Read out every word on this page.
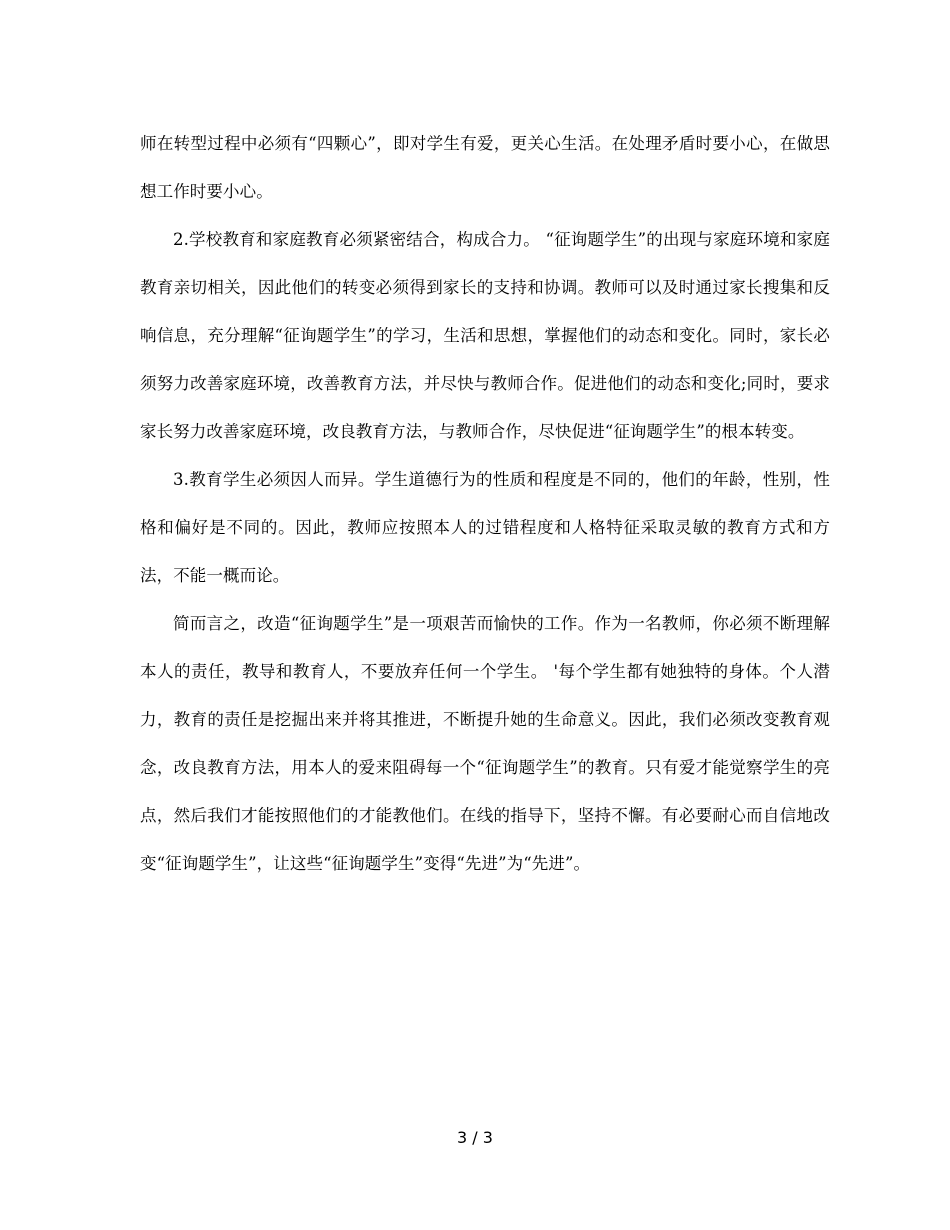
师在转型过程中必须有“四颗心”，即对学生有爱，更关心生活。在处理矛盾时要小心，在做思想工作时要小心。

2.学校教育和家庭教育必须紧密结合，构成合力。 “征询题学生”的出现与家庭环境和家庭教育亲切相关，因此他们的转变必须得到家长的支持和协调。教师可以及时通过家长搜集和反响信息，充分理解“征询题学生”的学习，生活和思想，掌握他们的动态和变化。同时，家长必须努力改善家庭环境，改善教育方法，并尽快与教师合作。促进他们的动态和变化;同时，要求家长努力改善家庭环境，改良教育方法，与教师合作，尽快促进“征询题学生”的根本转变。

3.教育学生必须因人而异。学生道德行为的性质和程度是不同的，他们的年龄，性别，性格和偏好是不同的。因此，教师应按照本人的过错程度和人格特征采取灵敏的教育方式和方法，不能一概而论。

简而言之，改造“征询题学生”是一项艰苦而愉快的工作。作为一名教师，你必须不断理解本人的责任，教导和教育人，不要放弃任何一个学生。 '每个学生都有她独特的身体。个人潜力，教育的责任是挖掘出来并将其推进，不断提升她的生命意义。因此，我们必须改变教育观念，改良教育方法，用本人的爱来阻碍每一个“征询题学生”的教育。只有爱才能觉察学生的亮点，然后我们才能按照他们的才能教他们。在线的指导下，坚持不懈。有必要耐心而自信地改变“征询题学生”，让这些“征询题学生”变得“先进”为“先进”。

3 / 3
